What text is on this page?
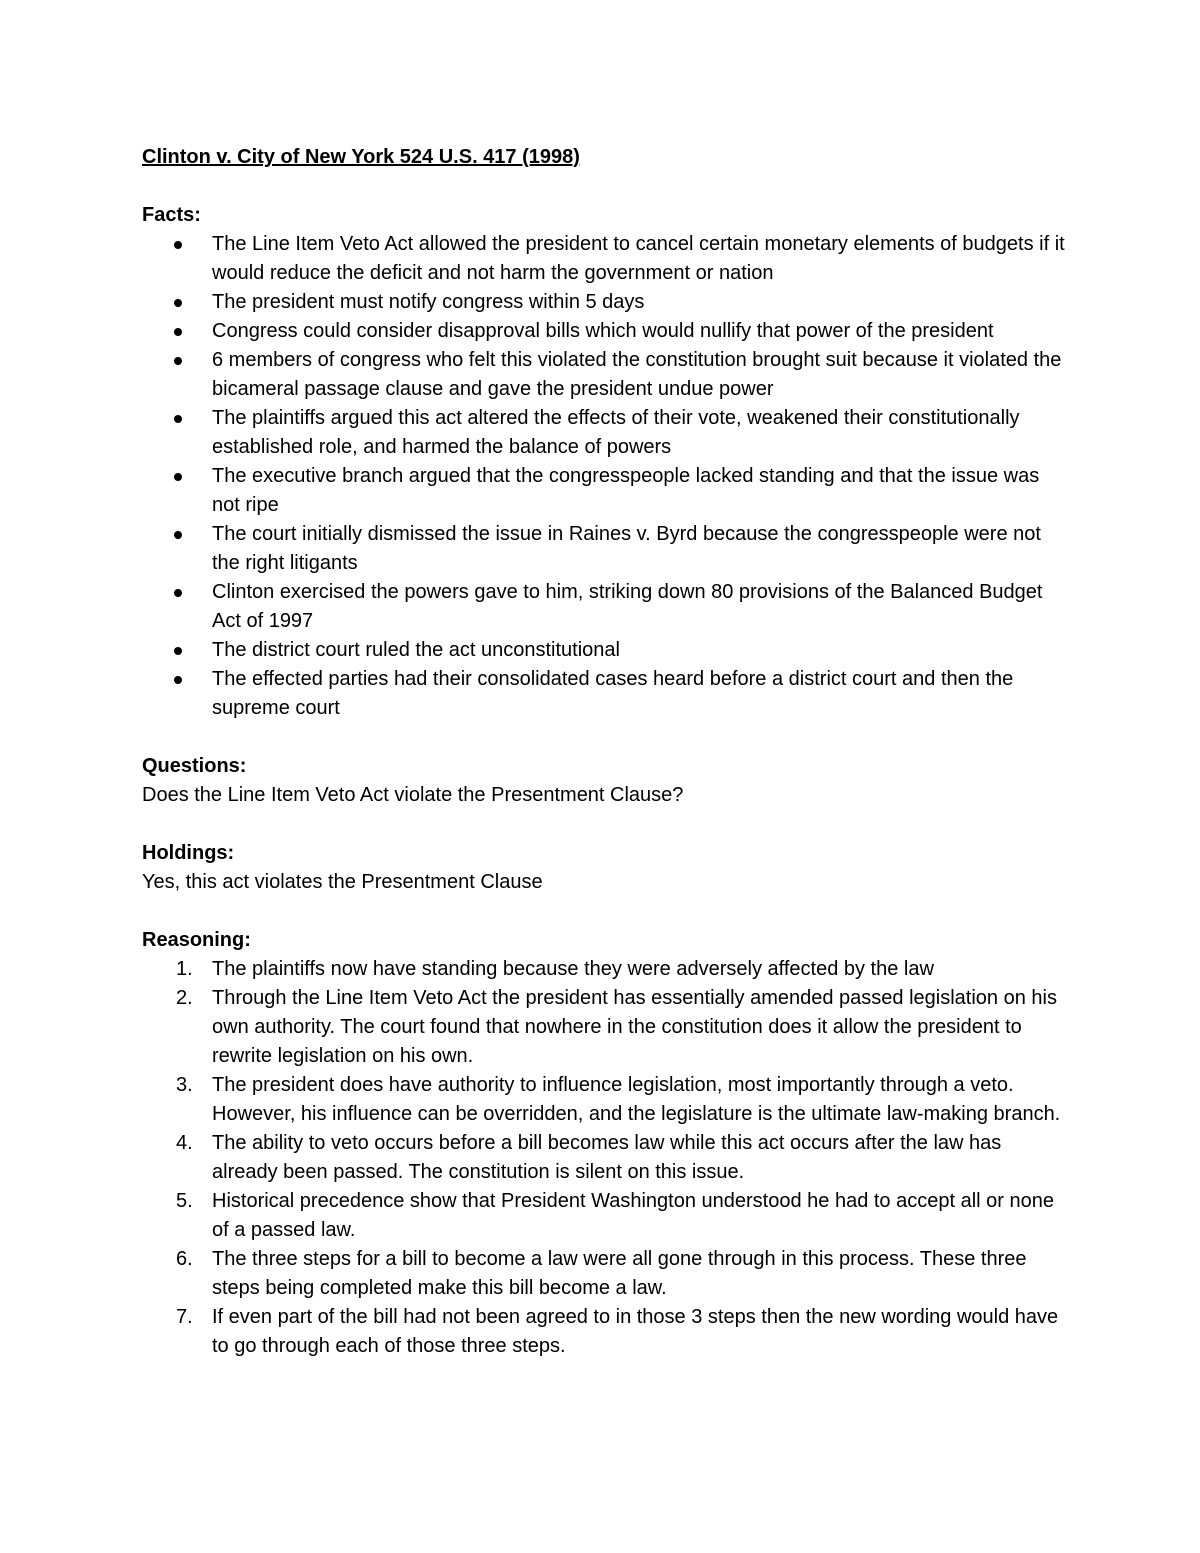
Clinton v. City of New York 524 U.S. 417 (1998)
Facts:
The Line Item Veto Act allowed the president to cancel certain monetary elements of budgets if it would reduce the deficit and not harm the government or nation
The president must notify congress within 5 days
Congress could consider disapproval bills which would nullify that power of the president
6 members of congress who felt this violated the constitution brought suit because it violated the bicameral passage clause and gave the president undue power
The plaintiffs argued this act altered the effects of their vote, weakened their constitutionally established role, and harmed the balance of powers
The executive branch argued that the congresspeople lacked standing and that the issue was not ripe
The court initially dismissed the issue in Raines v. Byrd because the congresspeople were not the right litigants
Clinton exercised the powers gave to him, striking down 80 provisions of the Balanced Budget Act of 1997
The district court ruled the act unconstitutional
The effected parties had their consolidated cases heard before a district court and then the supreme court
Questions:
Does the Line Item Veto Act violate the Presentment Clause?
Holdings:
Yes, this act violates the Presentment Clause
Reasoning:
1. The plaintiffs now have standing because they were adversely affected by the law
2. Through the Line Item Veto Act the president has essentially amended passed legislation on his own authority. The court found that nowhere in the constitution does it allow the president to rewrite legislation on his own.
3. The president does have authority to influence legislation, most importantly through a veto. However, his influence can be overridden, and the legislature is the ultimate law-making branch.
4. The ability to veto occurs before a bill becomes law while this act occurs after the law has already been passed. The constitution is silent on this issue.
5. Historical precedence show that President Washington understood he had to accept all or none of a passed law.
6. The three steps for a bill to become a law were all gone through in this process. These three steps being completed make this bill become a law.
7. If even part of the bill had not been agreed to in those 3 steps then the new wording would have to go through each of those three steps.
